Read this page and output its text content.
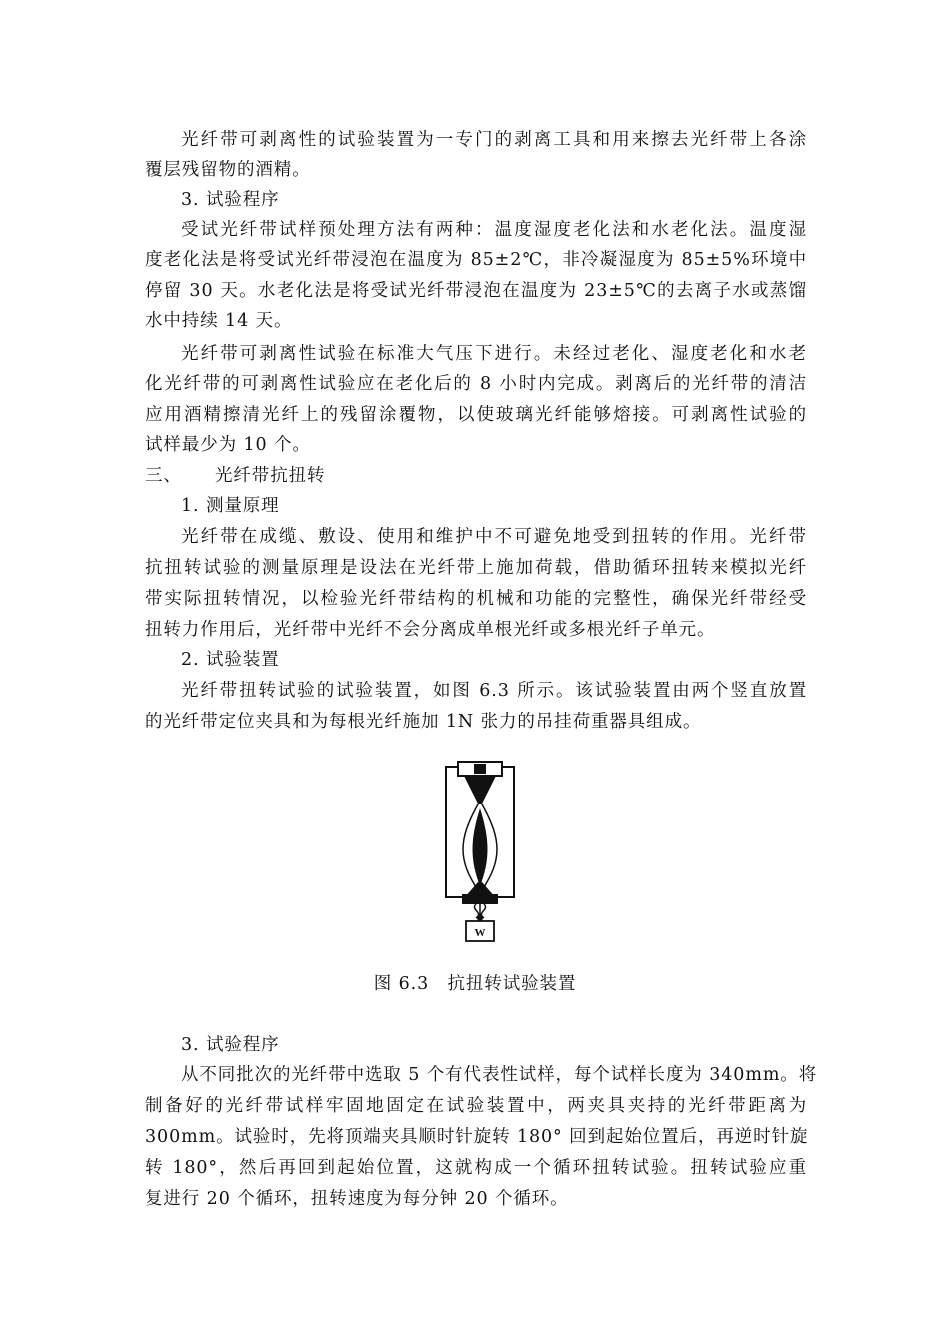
光纤带可剥离性的试验装置为一专门的剥离工具和用来擦去光纤带上各涂
覆层残留物的酒精。
3. 试验程序
受试光纤带试样预处理方法有两种：温度湿度老化法和水老化法。温度湿
度老化法是将受试光纤带浸泡在温度为 85±2℃，非冷凝湿度为 85±5%环境中
停留 30 天。水老化法是将受试光纤带浸泡在温度为 23±5℃的去离子水或蒸馏
水中持续 14 天。
光纤带可剥离性试验在标准大气压下进行。未经过老化、湿度老化和水老
化光纤带的可剥离性试验应在老化后的 8 小时内完成。剥离后的光纤带的清洁
应用酒精擦清光纤上的残留涂覆物，以使玻璃光纤能够熔接。可剥离性试验的
试样最少为 10 个。
三、 光纤带抗扭转
1. 测量原理
光纤带在成缆、敷设、使用和维护中不可避免地受到扭转的作用。光纤带
抗扭转试验的测量原理是设法在光纤带上施加荷载，借助循环扭转来模拟光纤
带实际扭转情况，以检验光纤带结构的机械和功能的完整性，确保光纤带经受
扭转力作用后，光纤带中光纤不会分离成单根光纤或多根光纤子单元。
2. 试验装置
光纤带扭转试验的试验装置，如图 6.3 所示。该试验装置由两个竖直放置
的光纤带定位夹具和为每根光纤施加 1N 张力的吊挂荷重器具组成。
W
图 6.3　抗扭转试验装置
3. 试验程序
从不同批次的光纤带中选取 5 个有代表性试样，每个试样长度为 340mm。将
制备好的光纤带试样牢固地固定在试验装置中，两夹具夹持的光纤带距离为
300mm。试验时，先将顶端夹具顺时针旋转 180° 回到起始位置后，再逆时针旋
转 180°，然后再回到起始位置，这就构成一个循环扭转试验。扭转试验应重
复进行 20 个循环，扭转速度为每分钟 20 个循环。
